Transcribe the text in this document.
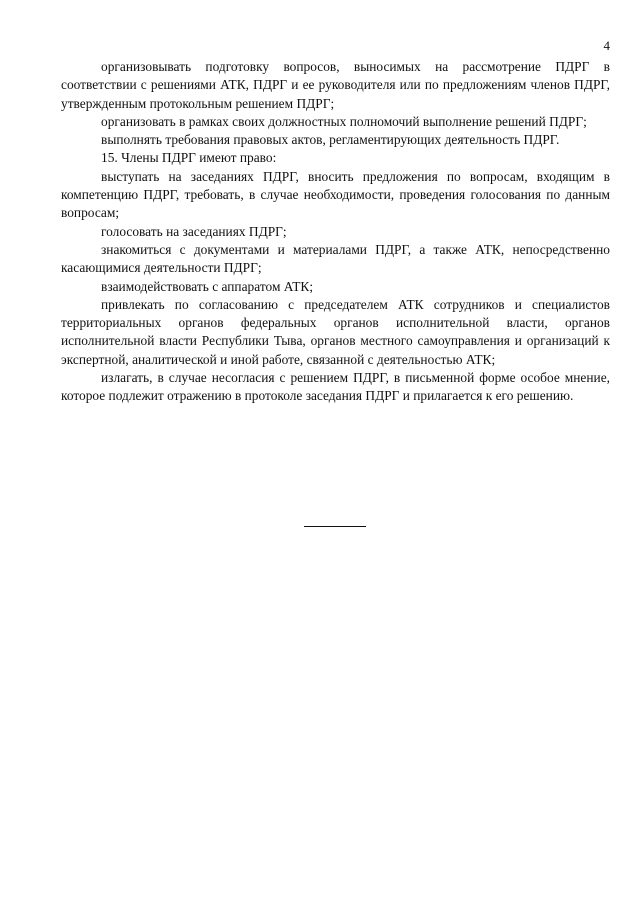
4

организовывать подготовку вопросов, выносимых на рассмотрение ПДРГ в соответствии с решениями АТК, ПДРГ и ее руководителя или по предложениям членов ПДРГ, утвержденным протокольным решением ПДРГ;

организовать в рамках своих должностных полномочий выполнение решений ПДРГ;

выполнять требования правовых актов, регламентирующих деятельность ПДРГ.

15. Члены ПДРГ имеют право:

выступать на заседаниях ПДРГ, вносить предложения по вопросам, входящим в компетенцию ПДРГ, требовать, в случае необходимости, проведения голосования по данным вопросам;

голосовать на заседаниях ПДРГ;

знакомиться с документами и материалами ПДРГ, а также АТК, непосредственно касающимися деятельности ПДРГ;

взаимодействовать с аппаратом АТК;

привлекать по согласованию с председателем АТК сотрудников и специалистов территориальных органов федеральных органов исполнительной власти, органов исполнительной власти Республики Тыва, органов местного самоуправления и организаций к экспертной, аналитической и иной работе, связанной с деятельностью АТК;

излагать, в случае несогласия с решением ПДРГ, в письменной форме особое мнение, которое подлежит отражению в протоколе заседания ПДРГ и прилагается к его решению.
